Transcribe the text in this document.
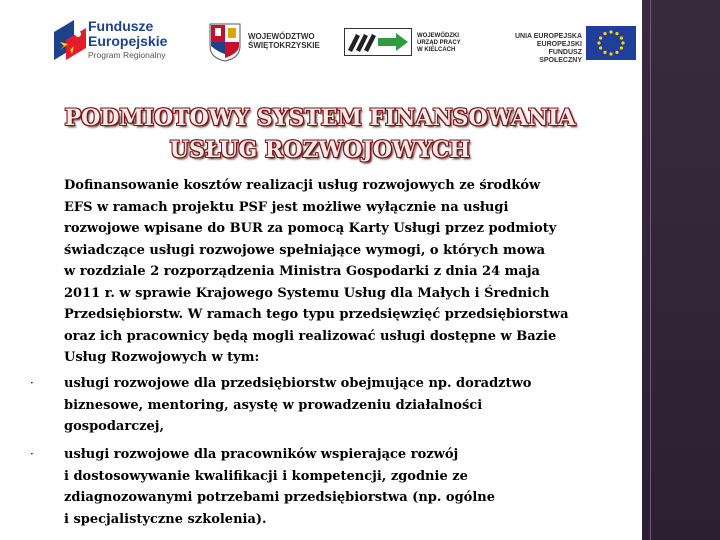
Fundusze
Europejskie
Program Regionalny
WOJEWÓDZTWO
ŚWIĘTOKRZYSKIE
WOJEWÓDZKI
URZĄD PRACY
W KIELCACH
UNIA EUROPEJSKA
EUROPEJSKI
FUNDUSZ SPOŁECZNY
PODMIOTOWY SYSTEM FINANSOWANIA
USŁUG ROZWOJOWYCH
Dofinansowanie kosztów realizacji usług rozwojowych ze środków
EFS w ramach projektu PSF jest możliwe wyłącznie na usługi
rozwojowe wpisane do BUR za pomocą Karty Usługi przez podmioty
świadczące usługi rozwojowe spełniające wymogi, o których mowa
w rozdziale 2 rozporządzenia Ministra Gospodarki z dnia 24 maja
2011 r. w sprawie Krajowego Systemu Usług dla Małych i Średnich
Przedsiębiorstw. W ramach tego typu przedsięwzięć przedsiębiorstwa
oraz ich pracownicy będą mogli realizować usługi dostępne w Bazie
Usług Rozwojowych w tym:
· usługi rozwojowe dla przedsiębiorstw obejmujące np. doradztwo
biznesowe, mentoring, asystę w prowadzeniu działalności
gospodarczej,
· usługi rozwojowe dla pracowników wspierające rozwój
i dostosowywanie kwalifikacji i kompetencji, zgodnie ze
zdiagnozowanymi potrzebami przedsiębiorstwa (np. ogólne
i specjalistyczne szkolenia).
